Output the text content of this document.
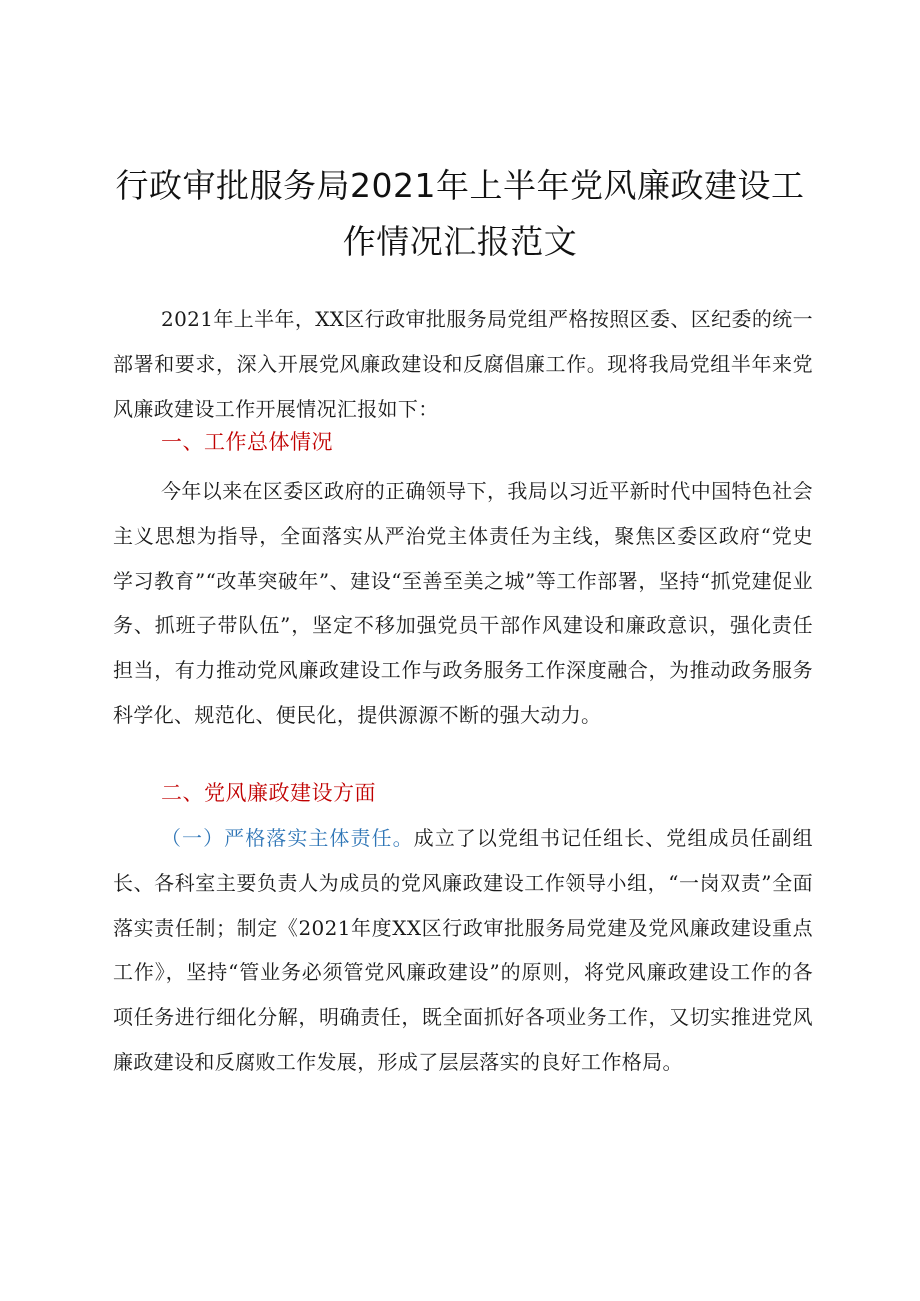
行政审批服务局2021年上半年党风廉政建设工
作情况汇报范文

2021年上半年，XX区行政审批服务局党组严格按照区委、区纪委的统一部署和要求，深入开展党风廉政建设和反腐倡廉工作。现将我局党组半年来党风廉政建设工作开展情况汇报如下：

一、工作总体情况

今年以来在区委区政府的正确领导下，我局以习近平新时代中国特色社会主义思想为指导，全面落实从严治党主体责任为主线，聚焦区委区政府“党史学习教育”“改革突破年”、建设“至善至美之城”等工作部署，坚持“抓党建促业务、抓班子带队伍”，坚定不移加强党员干部作风建设和廉政意识，强化责任担当，有力推动党风廉政建设工作与政务服务工作深度融合，为推动政务服务科学化、规范化、便民化，提供源源不断的强大动力。

二、党风廉政建设方面

（一）严格落实主体责任。成立了以党组书记任组长、党组成员任副组长、各科室主要负责人为成员的党风廉政建设工作领导小组，“一岗双责”全面落实责任制；制定《2021年度XX区行政审批服务局党建及党风廉政建设重点工作》，坚持“管业务必须管党风廉政建设”的原则，将党风廉政建设工作的各项任务进行细化分解，明确责任，既全面抓好各项业务工作，又切实推进党风廉政建设和反腐败工作发展，形成了层层落实的良好工作格局。
